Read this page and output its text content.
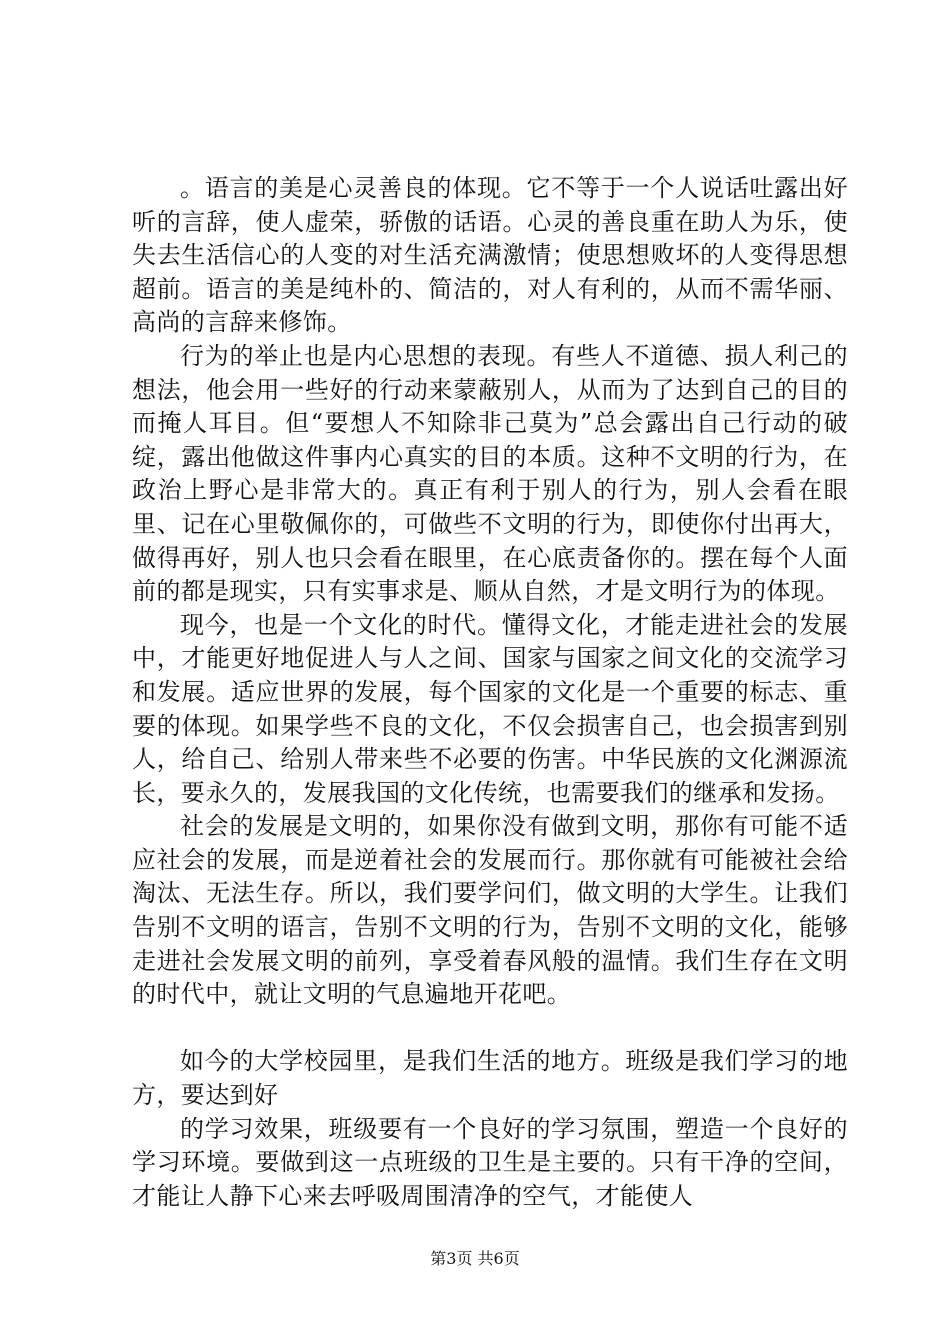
。语言的美是心灵善良的体现。它不等于一个人说话吐露出好听的言辞，使人虚荣，骄傲的话语。心灵的善良重在助人为乐，使失去生活信心的人变的对生活充满激情；使思想败坏的人变得思想超前。语言的美是纯朴的、简洁的，对人有利的，从而不需华丽、高尚的言辞来修饰。

行为的举止也是内心思想的表现。有些人不道德、损人利己的想法，他会用一些好的行动来蒙蔽别人，从而为了达到自己的目的而掩人耳目。但“要想人不知除非己莫为”总会露出自己行动的破绽，露出他做这件事内心真实的目的本质。这种不文明的行为，在政治上野心是非常大的。真正有利于别人的行为，别人会看在眼里、记在心里敬佩你的，可做些不文明的行为，即使你付出再大，做得再好，别人也只会看在眼里，在心底责备你的。摆在每个人面前的都是现实，只有实事求是、顺从自然，才是文明行为的体现。

现今，也是一个文化的时代。懂得文化，才能走进社会的发展中，才能更好地促进人与人之间、国家与国家之间文化的交流学习和发展。适应世界的发展，每个国家的文化是一个重要的标志、重要的体现。如果学些不良的文化，不仅会损害自己，也会损害到别人，给自己、给别人带来些不必要的伤害。中华民族的文化渊源流长，要永久的，发展我国的文化传统，也需要我们的继承和发扬。

社会的发展是文明的，如果你没有做到文明，那你有可能不适应社会的发展，而是逆着社会的发展而行。那你就有可能被社会给淘汰、无法生存。所以，我们要学问们，做文明的大学生。让我们告别不文明的语言，告别不文明的行为，告别不文明的文化，能够走进社会发展文明的前列，享受着春风般的温情。我们生存在文明的时代中，就让文明的气息遍地开花吧。

如今的大学校园里，是我们生活的地方。班级是我们学习的地方，要达到好

的学习效果，班级要有一个良好的学习氛围，塑造一个良好的学习环境。要做到这一点班级的卫生是主要的。只有干净的空间，才能让人静下心来去呼吸周围清净的空气，才能使人

第3页 共6页
